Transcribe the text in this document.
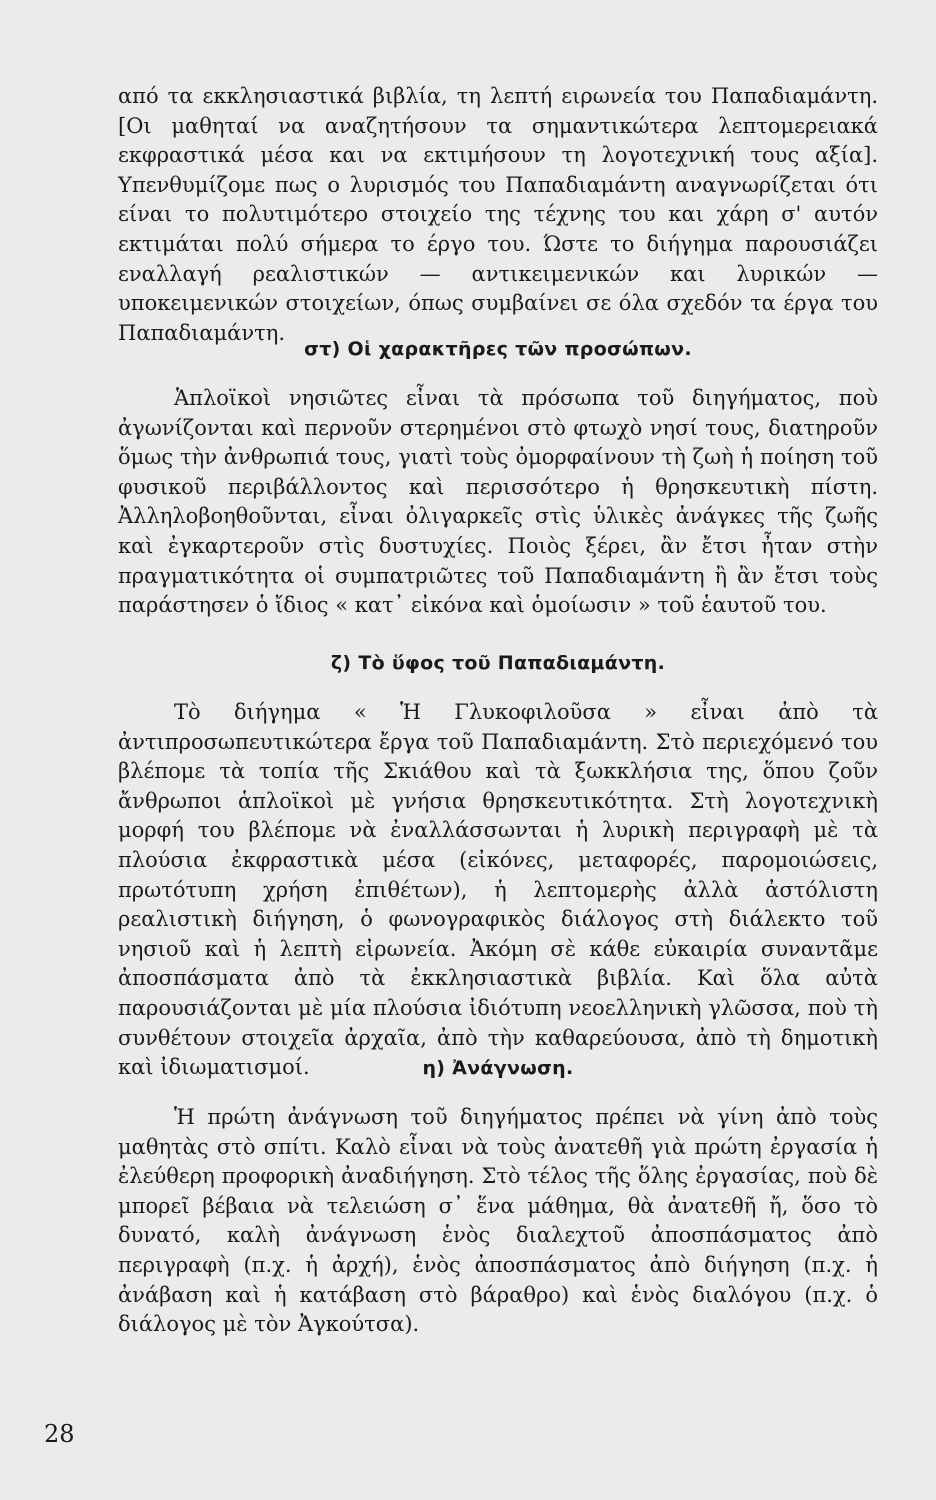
από τα εκκλησιαστικά βιβλία, τη λεπτή ειρωνεία του Παπαδιαμάντη. [Οι μαθηταί να αναζητήσουν τα σημαντικώτερα λεπτομερειακά εκφραστικά μέσα και να εκτιμήσουν τη λογοτεχνική τους αξία]. Υπενθυμίζομε πως ο λυρισμός του Παπαδιαμάντη αναγνωρίζεται ότι είναι το πολυτιμότερο στοιχείο της τέχνης του και χάρη σ' αυτόν εκτιμάται πολύ σήμερα το έργο του. Ώστε το διήγημα παρουσιάζει εναλλαγή ρεαλιστικών — αντικειμενικών και λυρικών — υποκειμενικών στοιχείων, όπως συμβαίνει σε όλα σχεδόν τα έργα του Παπαδιαμάντη.

στ) Οἱ χαρακτῆρες τῶν προσώπων.

Ἁπλοϊκοὶ νησιῶτες εἶναι τὰ πρόσωπα τοῦ διηγήματος, ποὺ ἀγωνίζονται καὶ περνοῦν στερημένοι στὸ φτωχὸ νησί τους, διατηροῦν ὅμως τὴν ἀνθρωπιά τους, γιατὶ τοὺς ὀμορφαίνουν τὴ ζωὴ ἡ ποίηση τοῦ φυσικοῦ περιβάλλοντος καὶ περισσότερο ἡ θρησκευτικὴ πίστη. Ἀλληλοβοηθοῦνται, εἶναι ὀλιγαρκεῖς στὶς ὑλικὲς ἀνάγκες τῆς ζωῆς καὶ ἐγκαρτεροῦν στὶς δυστυχίες. Ποιὸς ξέρει, ἂν ἔτσι ἦταν στὴν πραγματικότητα οἱ συμπατριῶτες τοῦ Παπαδιαμάντη ἢ ἂν ἔτσι τοὺς παράστησεν ὁ ἴδιος « κατ᾽ εἰκόνα καὶ ὁμοίωσιν » τοῦ ἑαυτοῦ του.

ζ) Τὸ ὕφος τοῦ Παπαδιαμάντη.

Τὸ διήγημα « Ἡ Γλυκοφιλοῦσα » εἶναι ἀπὸ τὰ ἀντιπροσωπευτικώτερα ἔργα τοῦ Παπαδιαμάντη. Στὸ περιεχόμενό του βλέπομε τὰ τοπία τῆς Σκιάθου καὶ τὰ ξωκκλήσια της, ὅπου ζοῦν ἄνθρωποι ἁπλοϊκοὶ μὲ γνήσια θρησκευτικότητα. Στὴ λογοτεχνικὴ μορφή του βλέπομε νὰ ἐναλλάσσωνται ἡ λυρικὴ περιγραφὴ μὲ τὰ πλούσια ἐκφραστικὰ μέσα (εἰκόνες, μεταφορές, παρομοιώσεις, πρωτότυπη χρήση ἐπιθέτων), ἡ λεπτομερὴς ἀλλὰ ἀστόλιστη ρεαλιστικὴ διήγηση, ὁ φωνογραφικὸς διάλογος στὴ διάλεκτο τοῦ νησιοῦ καὶ ἡ λεπτὴ εἰρωνεία. Ἀκόμη σὲ κάθε εὐκαιρία συναντᾶμε ἀποσπάσματα ἀπὸ τὰ ἐκκλησιαστικὰ βιβλία. Καὶ ὅλα αὐτὰ παρουσιάζονται μὲ μία πλούσια ἰδιότυπη νεοελληνικὴ γλῶσσα, ποὺ τὴ συνθέτουν στοιχεῖα ἀρχαῖα, ἀπὸ τὴν καθαρεύουσα, ἀπὸ τὴ δημοτικὴ καὶ ἰδιωματισμοί.	η) Ἀνάγνωση.

Ἡ πρώτη ἀνάγνωση τοῦ διηγήματος πρέπει νὰ γίνη ἀπὸ τοὺς μαθητὰς στὸ σπίτι. Καλὸ εἶναι νὰ τοὺς ἀνατεθῆ γιὰ πρώτη ἐργασία ἡ ἐλεύθερη προφορικὴ ἀναδιήγηση. Στὸ τέλος τῆς ὅλης ἐργασίας, ποὺ δὲ μπορεῖ βέβαια νὰ τελειώση σ᾽ ἕνα μάθημα, θὰ ἀνατεθῆ ἤ, ὅσο τὸ δυνατό, καλὴ ἀνάγνωση ἑνὸς διαλεχτοῦ ἀποσπάσματος ἀπὸ περιγραφὴ (π.χ. ἡ ἀρχή), ἑνὸς ἀποσπάσματος ἀπὸ διήγηση (π.χ. ἡ ἀνάβαση καὶ ἡ κατάβαση στὸ βάραθρο) καὶ ἑνὸς διαλόγου (π.χ. ὁ διάλογος μὲ τὸν Ἀγκούτσα).

28
